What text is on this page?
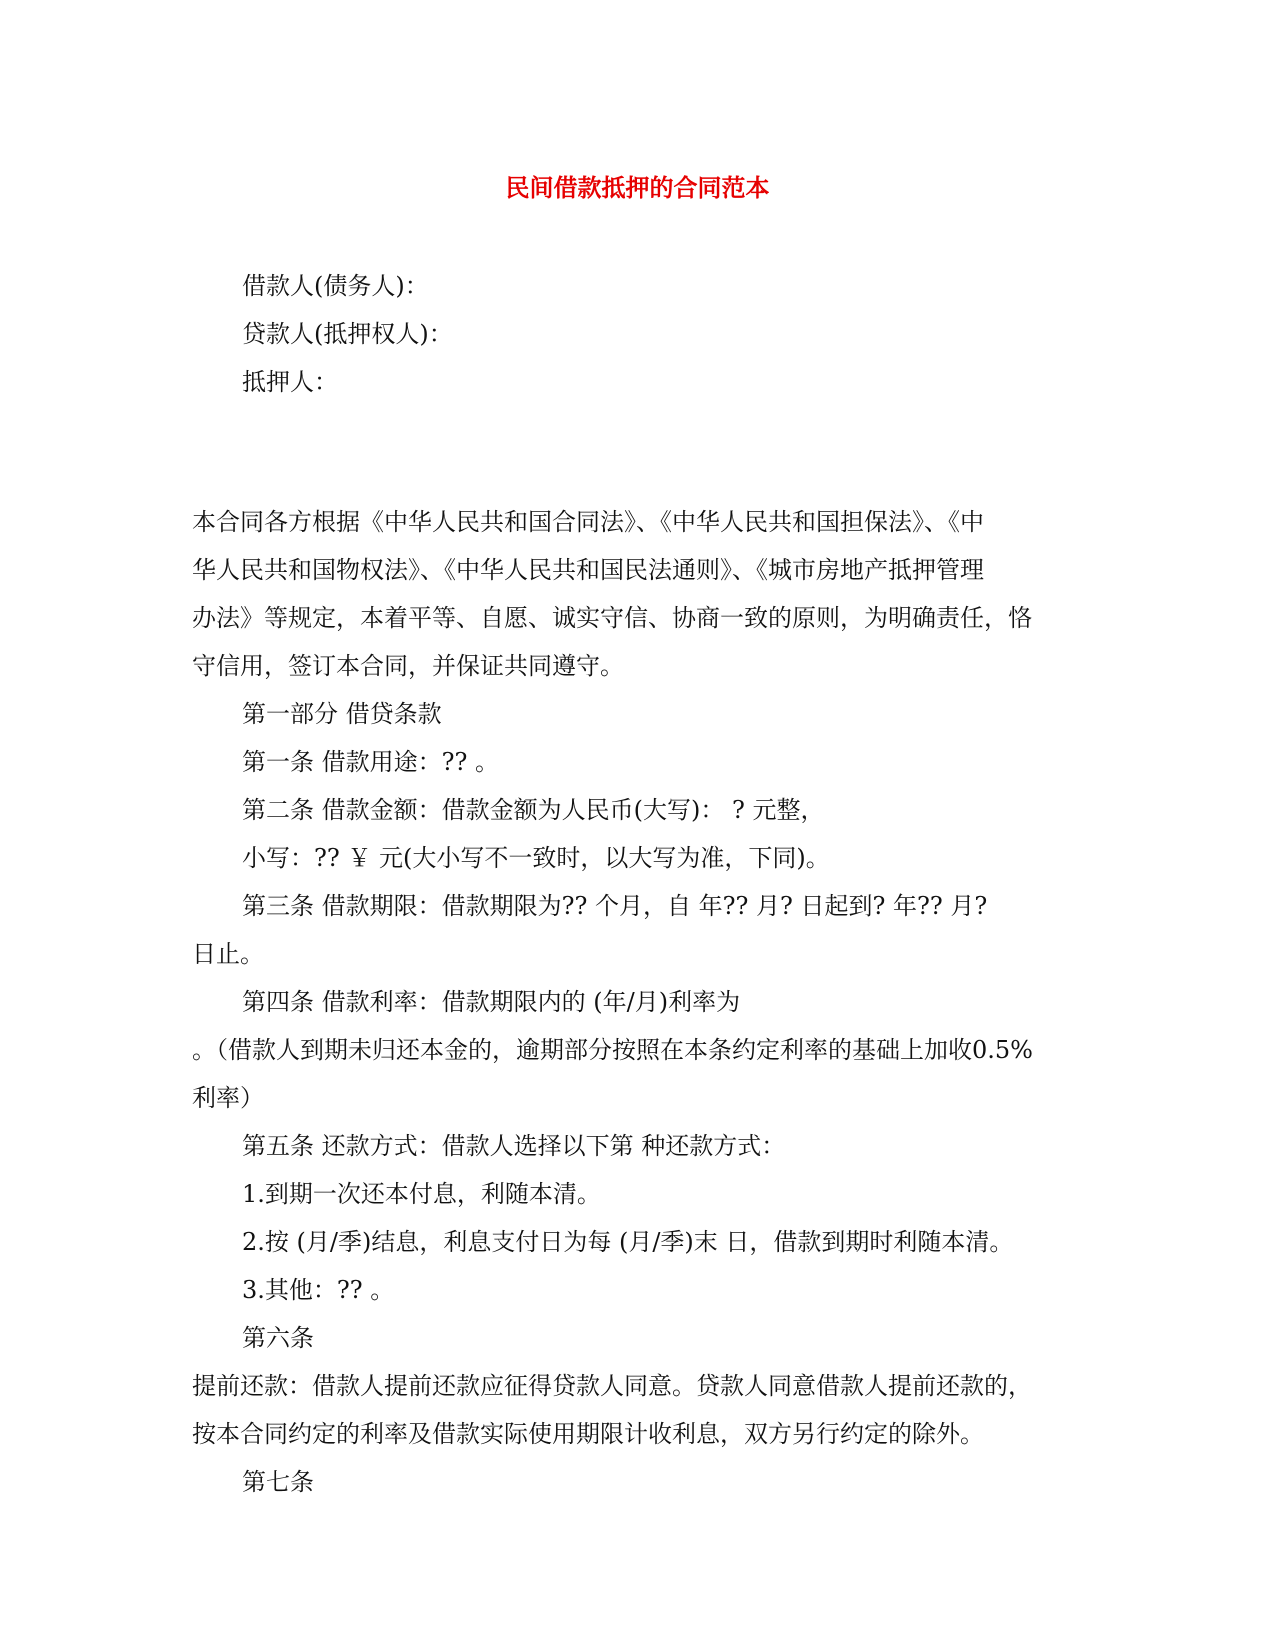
民间借款抵押的合同范本
借款人(债务人)：
贷款人(抵押权人)：
抵押人：
本合同各方根据《中华人民共和国合同法》、《中华人民共和国担保法》、《中
华人民共和国物权法》、《中华人民共和国民法通则》、《城市房地产抵押管理
办法》等规定，本着平等、自愿、诚实守信、协商一致的原则，为明确责任，恪
守信用，签订本合同，并保证共同遵守。
第一部分 借贷条款
第一条 借款用途：?? 。
第二条 借款金额：借款金额为人民币(大写)： ? 元整，
小写：?? ￥ 元(大小写不一致时，以大写为准，下同)。
第三条 借款期限：借款期限为?? 个月，自 年?? 月? 日起到? 年?? 月?
日止。
第四条 借款利率：借款期限内的 (年/月)利率为
。（借款人到期未归还本金的，逾期部分按照在本条约定利率的基础上加收0.5%
利率）
第五条 还款方式：借款人选择以下第 种还款方式：
1.到期一次还本付息，利随本清。
2.按 (月/季)结息，利息支付日为每 (月/季)末 日，借款到期时利随本清。
3.其他：?? 。
第六条
提前还款：借款人提前还款应征得贷款人同意。贷款人同意借款人提前还款的，
按本合同约定的利率及借款实际使用期限计收利息，双方另行约定的除外。
第七条
